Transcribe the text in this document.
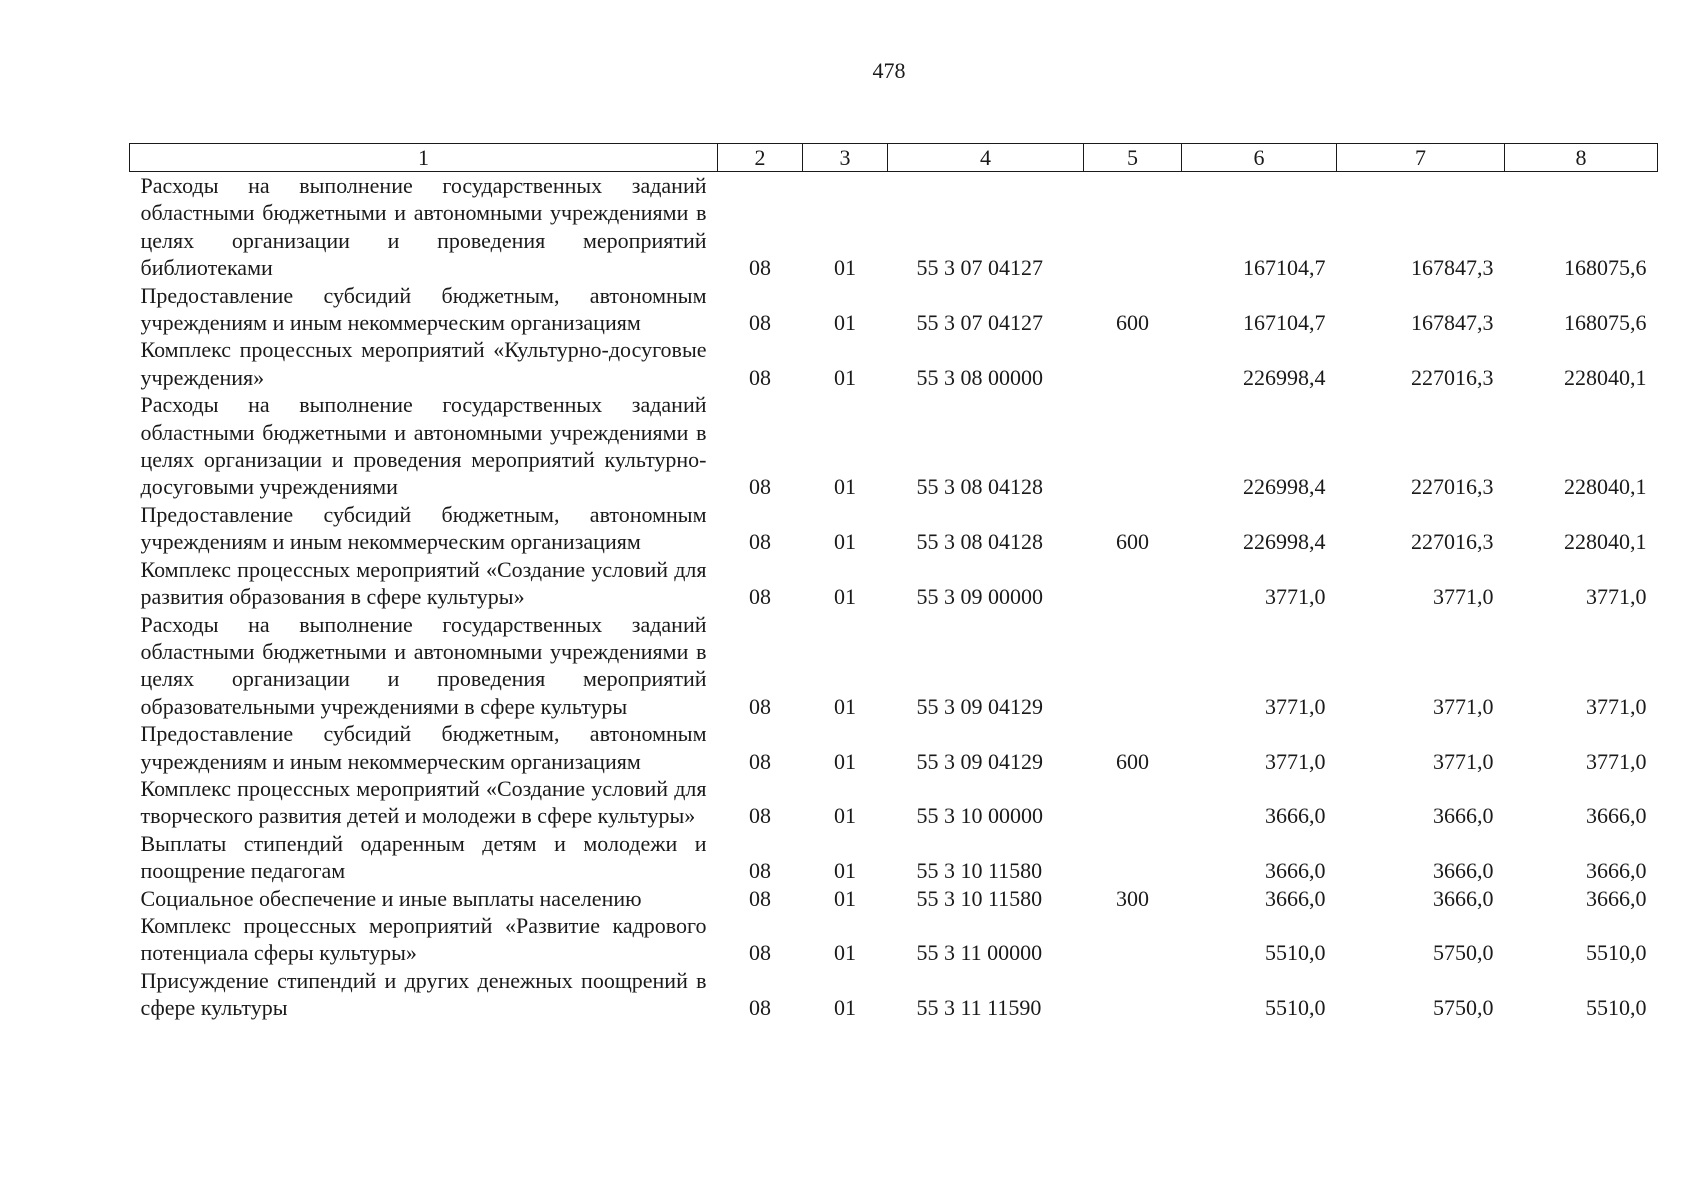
478
1	2	3	4	5	6	7	8
Расходы на выполнение государственных заданий областными бюджетными и автономными учреждениями в целях организации и проведения мероприятий библиотеками	08	01	55 3 07 04127		167104,7	167847,3	168075,6
Предоставление субсидий бюджетным, автономным учреждениям и иным некоммерческим организациям	08	01	55 3 07 04127	600	167104,7	167847,3	168075,6
Комплекс процессных мероприятий «Культурно-досуговые учреждения»	08	01	55 3 08 00000		226998,4	227016,3	228040,1
Расходы на выполнение государственных заданий областными бюджетными и автономными учреждениями в целях организации и проведения мероприятий культурно-досуговыми учреждениями	08	01	55 3 08 04128		226998,4	227016,3	228040,1
Предоставление субсидий бюджетным, автономным учреждениям и иным некоммерческим организациям	08	01	55 3 08 04128	600	226998,4	227016,3	228040,1
Комплекс процессных мероприятий «Создание условий для развития образования в сфере культуры»	08	01	55 3 09 00000		3771,0	3771,0	3771,0
Расходы на выполнение государственных заданий областными бюджетными и автономными учреждениями в целях организации и проведения мероприятий образовательными учреждениями в сфере культуры	08	01	55 3 09 04129		3771,0	3771,0	3771,0
Предоставление субсидий бюджетным, автономным учреждениям и иным некоммерческим организациям	08	01	55 3 09 04129	600	3771,0	3771,0	3771,0
Комплекс процессных мероприятий «Создание условий для творческого развития детей и молодежи в сфере культуры»	08	01	55 3 10 00000		3666,0	3666,0	3666,0
Выплаты стипендий одаренным детям и молодежи и поощрение педагогам	08	01	55 3 10 11580		3666,0	3666,0	3666,0
Социальное обеспечение и иные выплаты населению	08	01	55 3 10 11580	300	3666,0	3666,0	3666,0
Комплекс процессных мероприятий «Развитие кадрового потенциала сферы культуры»	08	01	55 3 11 00000		5510,0	5750,0	5510,0
Присуждение стипендий и других денежных поощрений в сфере культуры	08	01	55 3 11 11590		5510,0	5750,0	5510,0
